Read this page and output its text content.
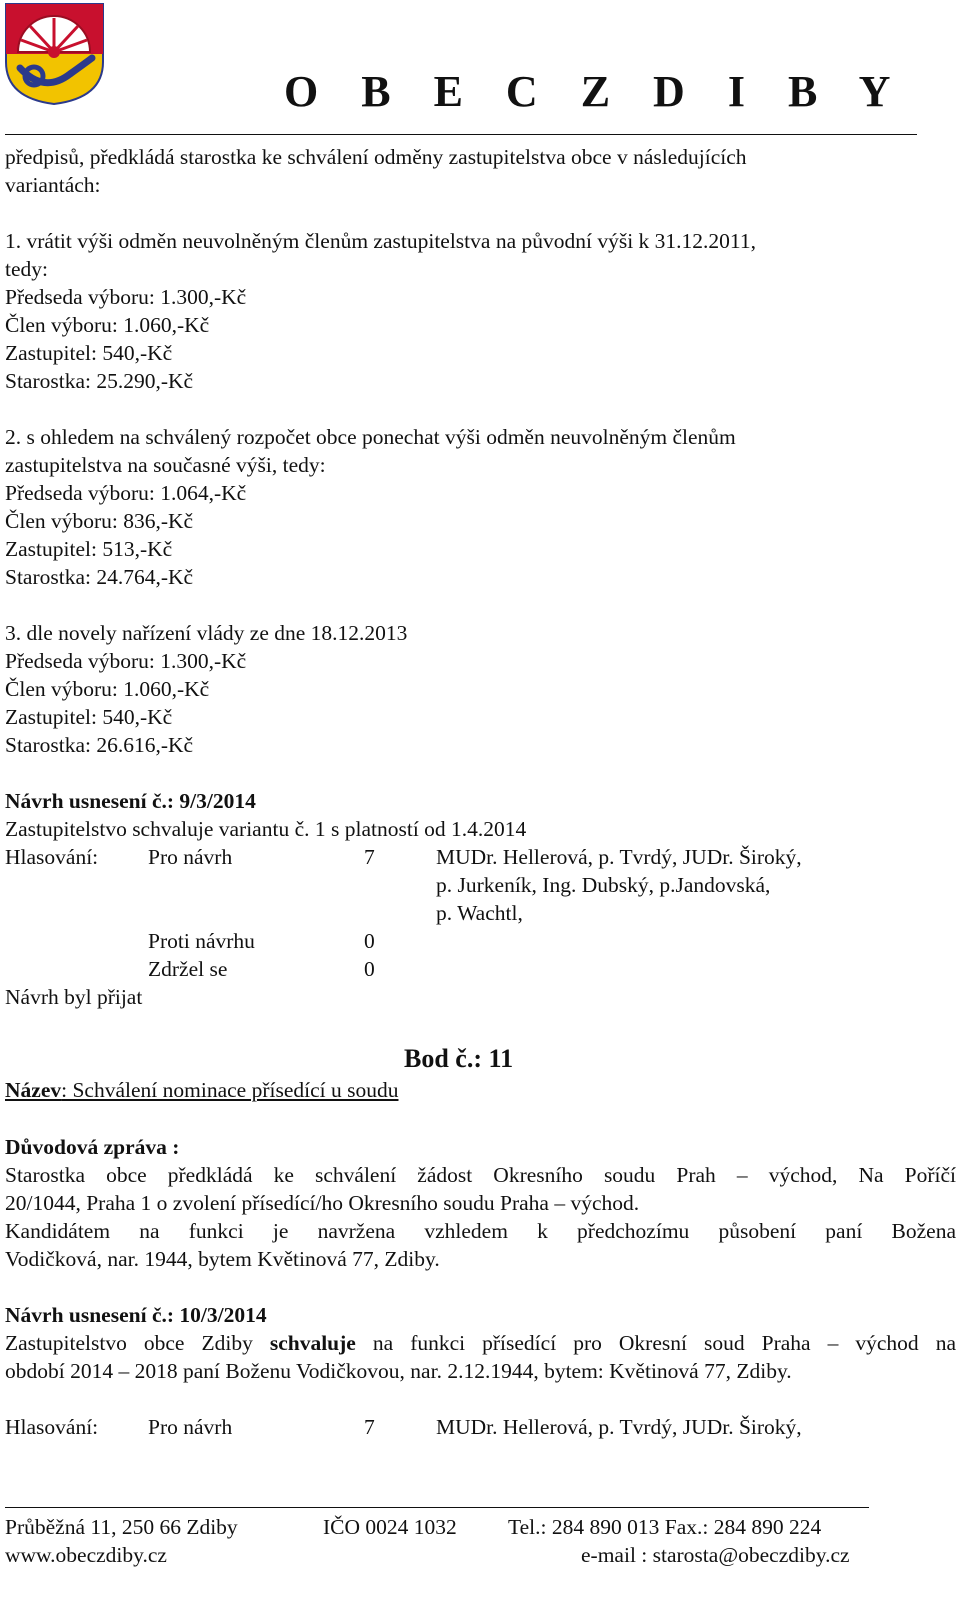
O B E C Z D I B Y
předpisů, předkládá starostka ke schválení odměny zastupitelstva obce v následujících
variantách:
1. vrátit výši odměn neuvolněným členům zastupitelstva na původní výši k 31.12.2011,
tedy:
Předseda výboru: 1.300,-Kč
Člen výboru: 1.060,-Kč
Zastupitel: 540,-Kč
Starostka: 25.290,-Kč
2. s ohledem na schválený rozpočet obce ponechat výši odměn neuvolněným členům
zastupitelstva na současné výši, tedy:
Předseda výboru: 1.064,-Kč
Člen výboru: 836,-Kč
Zastupitel: 513,-Kč
Starostka: 24.764,-Kč
3. dle novely nařízení vlády ze dne 18.12.2013
Předseda výboru: 1.300,-Kč
Člen výboru: 1.060,-Kč
Zastupitel: 540,-Kč
Starostka: 26.616,-Kč
Návrh usnesení č.: 9/3/2014
Zastupitelstvo schvaluje variantu č. 1 s platností od 1.4.2014
Hlasování: Pro návrh	7	MUDr. Hellerová, p. Tvrdý, JUDr. Široký,
p. Jurkeník, Ing. Dubský, p.Jandovská,
p. Wachtl,
Proti návrhu	0
Zdržel se	0
Návrh byl přijat
Bod č.: 11
Název: Schválení nominace přísedící u soudu
Důvodová zpráva :
Starostka obce předkládá ke schválení žádost Okresního soudu Prah – východ, Na Poříčí
20/1044, Praha 1 o zvolení přísedící/ho Okresního soudu Praha – východ.
Kandidátem na funkci je navržena vzhledem k předchozímu působení paní Božena
Vodičková, nar. 1944, bytem Květinová 77, Zdiby.
Návrh usnesení č.: 10/3/2014
Zastupitelstvo obce Zdiby schvaluje na funkci přísedící pro Okresní soud Praha – východ na
období 2014 – 2018 paní Boženu Vodičkovou, nar. 2.12.1944, bytem: Květinová 77, Zdiby.
Hlasování: Pro návrh	7	MUDr. Hellerová, p. Tvrdý, JUDr. Široký,
Průběžná 11, 250 66 Zdiby	IČO 0024 1032 Tel.: 284 890 013 Fax.: 284 890 224
www.obeczdiby.cz	e-mail : starosta@obeczdiby.cz
